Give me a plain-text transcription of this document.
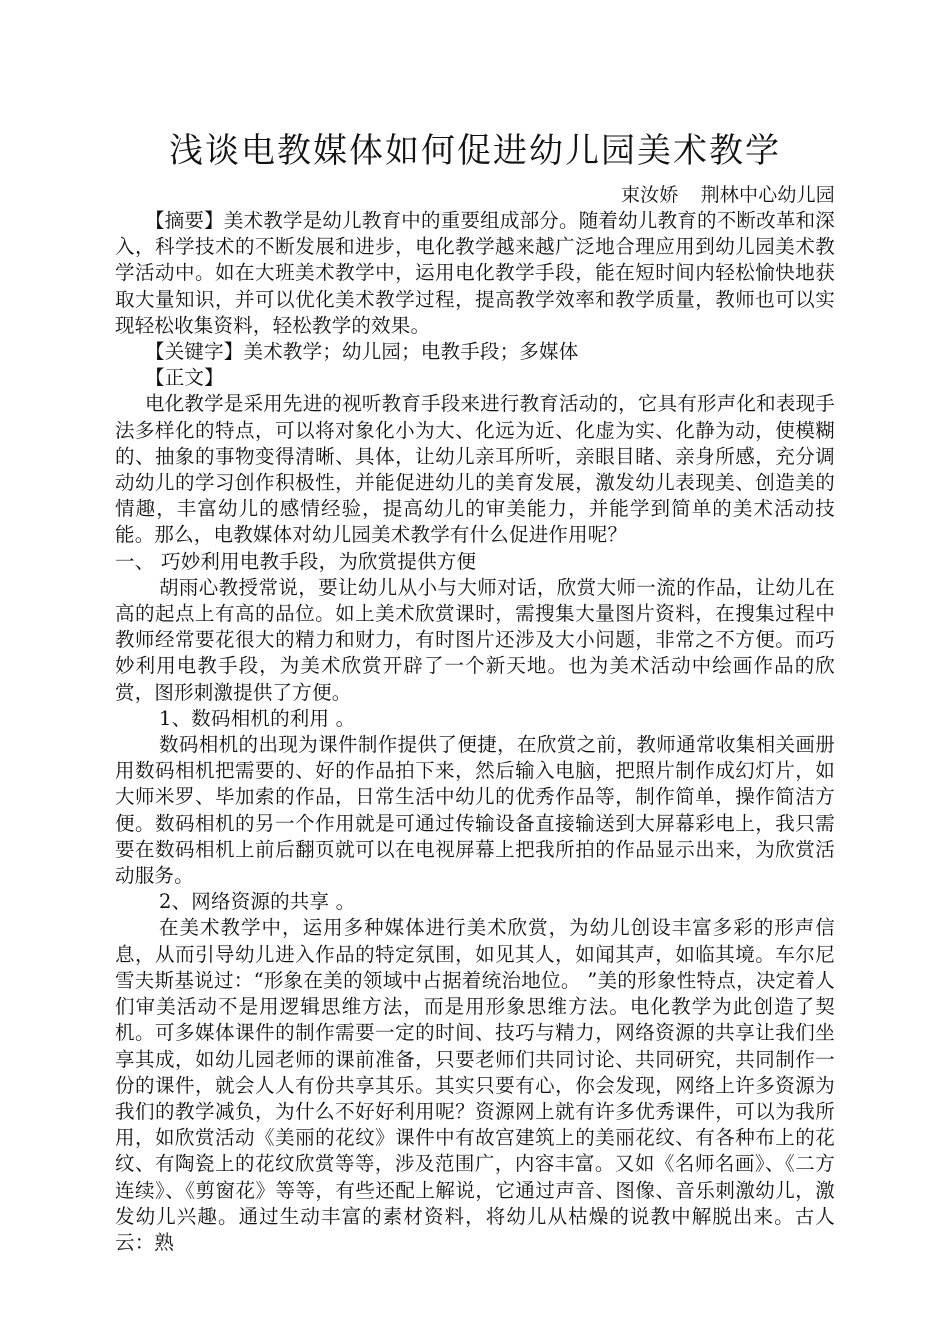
浅谈电教媒体如何促进幼儿园美术教学

束汝娇 荆林中心幼儿园

【摘要】美术教学是幼儿教育中的重要组成部分。随着幼儿教育的不断改革和深入，科学技术的不断发展和进步，电化教学越来越广泛地合理应用到幼儿园美术教学活动中。如在大班美术教学中，运用电化教学手段，能在短时间内轻松愉快地获取大量知识，并可以优化美术教学过程，提高教学效率和教学质量，教师也可以实现轻松收集资料，轻松教学的效果。

【关键字】美术教学；幼儿园；电教手段；多媒体

【正文】

电化教学是采用先进的视听教育手段来进行教育活动的，它具有形声化和表现手法多样化的特点，可以将对象化小为大、化远为近、化虚为实、化静为动，使模糊的、抽象的事物变得清晰、具体，让幼儿亲耳所听，亲眼目睹、亲身所感，充分调动幼儿的学习创作积极性，并能促进幼儿的美育发展，激发幼儿表现美、创造美的情趣，丰富幼儿的感情经验，提高幼儿的审美能力，并能学到简单的美术活动技能。那么，电教媒体对幼儿园美术教学有什么促进作用呢？

一、 巧妙利用电教手段，为欣赏提供方便

胡雨心教授常说，要让幼儿从小与大师对话，欣赏大师一流的作品，让幼儿在高的起点上有高的品位。如上美术欣赏课时，需搜集大量图片资料，在搜集过程中教师经常要花很大的精力和财力，有时图片还涉及大小问题，非常之不方便。而巧妙利用电教手段，为美术欣赏开辟了一个新天地。也为美术活动中绘画作品的欣赏，图形刺激提供了方便。

1、数码相机的利用 。

数码相机的出现为课件制作提供了便捷，在欣赏之前，教师通常收集相关画册用数码相机把需要的、好的作品拍下来，然后输入电脑，把照片制作成幻灯片，如大师米罗、毕加索的作品，日常生活中幼儿的优秀作品等，制作简单，操作简洁方便。数码相机的另一个作用就是可通过传输设备直接输送到大屏幕彩电上，我只需要在数码相机上前后翻页就可以在电视屏幕上把我所拍的作品显示出来，为欣赏活动服务。

2、网络资源的共享 。

在美术教学中，运用多种媒体进行美术欣赏，为幼儿创设丰富多彩的形声信息，从而引导幼儿进入作品的特定氛围，如见其人，如闻其声，如临其境。车尔尼雪夫斯基说过：“形象在美的领域中占据着统治地位。 ”美的形象性特点，决定着人们审美活动不是用逻辑思维方法，而是用形象思维方法。电化教学为此创造了契机。可多媒体课件的制作需要一定的时间、技巧与精力，网络资源的共享让我们坐享其成，如幼儿园老师的课前准备，只要老师们共同讨论、共同研究，共同制作一份的课件，就会人人有份共享其乐。其实只要有心，你会发现，网络上许多资源为我们的教学减负，为什么不好好利用呢？资源网上就有许多优秀课件，可以为我所用，如欣赏活动《美丽的花纹》课件中有故宫建筑上的美丽花纹、有各种布上的花纹、有陶瓷上的花纹欣赏等等，涉及范围广，内容丰富。又如《名师名画》、《二方连续》、《剪窗花》等等，有些还配上解说，它通过声音、图像、音乐刺激幼儿，激发幼儿兴趣。通过生动丰富的素材资料，将幼儿从枯燥的说教中解脱出来。古人云：熟
